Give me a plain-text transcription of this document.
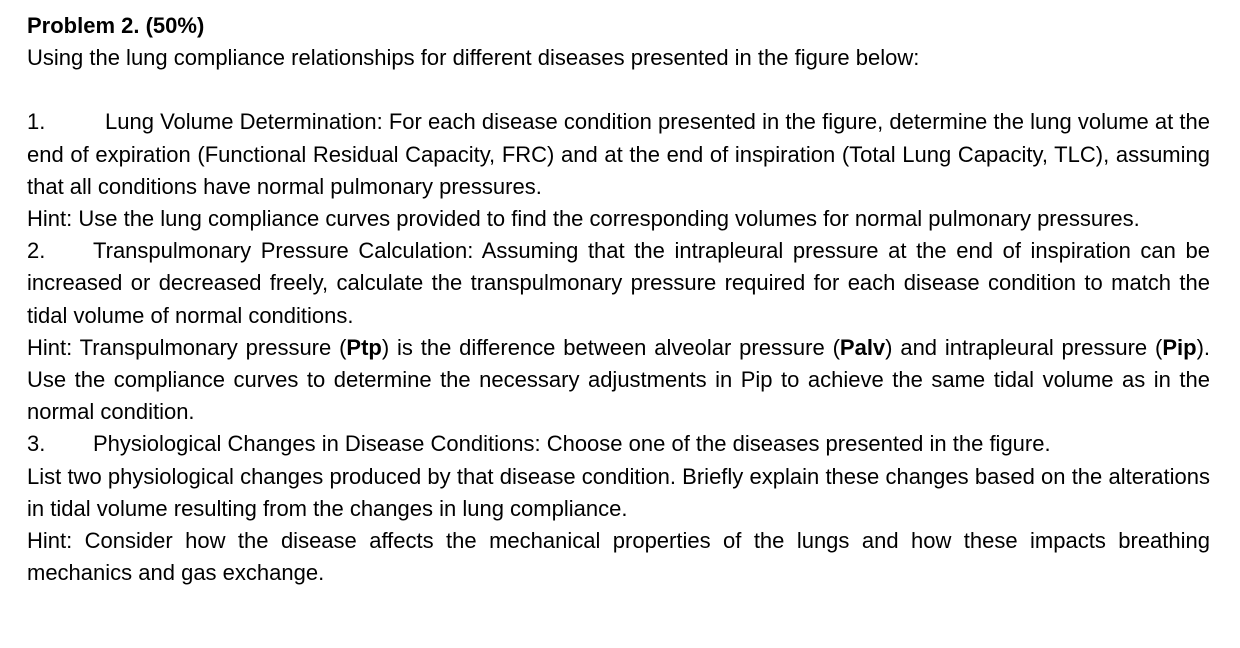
Problem 2. (50%)

Using the lung compliance relationships for different diseases presented in the figure below:

1.	Lung Volume Determination: For each disease condition presented in the figure, determine the lung volume at the end of expiration (Functional Residual Capacity, FRC) and at the end of inspiration (Total Lung Capacity, TLC), assuming that all conditions have normal pulmonary pressures.

Hint: Use the lung compliance curves provided to find the corresponding volumes for normal pulmonary pressures.

2. Transpulmonary Pressure Calculation: Assuming that the intrapleural pressure at the end of inspiration can be increased or decreased freely, calculate the transpulmonary pressure required for each disease condition to match the tidal volume of normal conditions.

Hint: Transpulmonary pressure (Ptp) is the difference between alveolar pressure (Palv) and intrapleural pressure (Pip). Use the compliance curves to determine the necessary adjustments in Pip to achieve the same tidal volume as in the normal condition.

3. Physiological Changes in Disease Conditions: Choose one of the diseases presented in the figure.

List two physiological changes produced by that disease condition. Briefly explain these changes based on the alterations in tidal volume resulting from the changes in lung compliance.

Hint: Consider how the disease affects the mechanical properties of the lungs and how these impacts breathing mechanics and gas exchange.
